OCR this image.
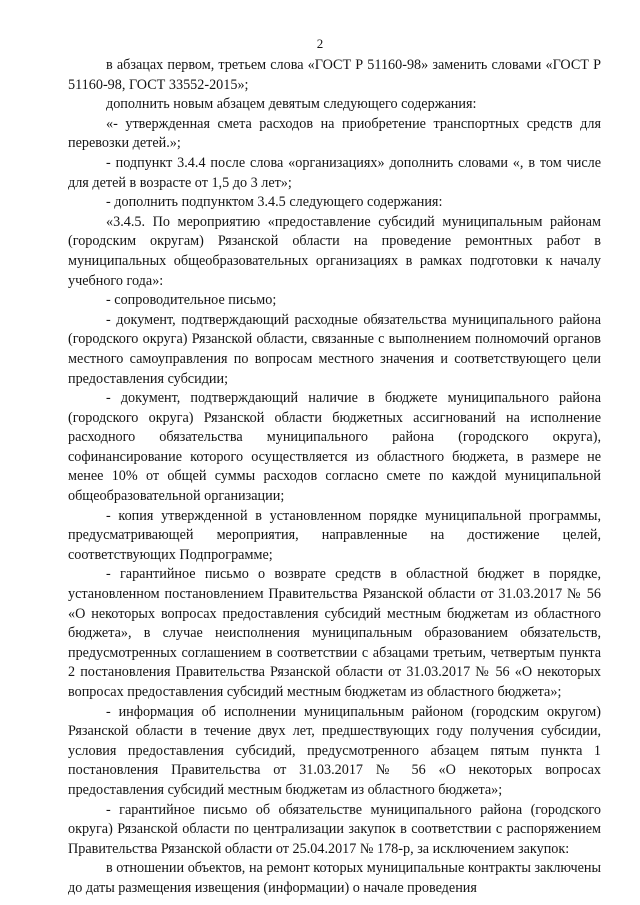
2

в абзацах первом, третьем слова «ГОСТ Р 51160-98» заменить словами «ГОСТ Р 51160-98, ГОСТ 33552-2015»;

дополнить новым абзацем девятым следующего содержания:

«- утвержденная смета расходов на приобретение транспортных средств для перевозки детей.»;

- подпункт 3.4.4 после слова «организациях» дополнить словами «, в том числе для детей в возрасте от 1,5 до 3 лет»;

- дополнить подпунктом 3.4.5 следующего содержания:

«3.4.5. По мероприятию «предоставление субсидий муниципальным районам (городским округам) Рязанской области на проведение ремонтных работ в муниципальных общеобразовательных организациях в рамках подготовки к началу учебного года»:

- сопроводительное письмо;

- документ, подтверждающий расходные обязательства муниципального района (городского округа) Рязанской области, связанные с выполнением полномочий органов местного самоуправления по вопросам местного значения и соответствующего цели предоставления субсидии;

- документ, подтверждающий наличие в бюджете муниципального района (городского округа) Рязанской области бюджетных ассигнований на исполнение расходного обязательства муниципального района (городского округа), софинансирование которого осуществляется из областного бюджета, в размере не менее 10% от общей суммы расходов согласно смете по каждой муниципальной общеобразовательной организации;

- копия утвержденной в установленном порядке муниципальной программы, предусматривающей мероприятия, направленные на достижение целей, соответствующих Подпрограмме;

- гарантийное письмо о возврате средств в областной бюджет в порядке, установленном постановлением Правительства Рязанской области от 31.03.2017 № 56 «О некоторых вопросах предоставления субсидий местным бюджетам из областного бюджета», в случае неисполнения муниципальным образованием обязательств, предусмотренных соглашением в соответствии с абзацами третьим, четвертым пункта 2 постановления Правительства Рязанской области от 31.03.2017 № 56 «О некоторых вопросах предоставления субсидий местным бюджетам из областного бюджета»;

- информация об исполнении муниципальным районом (городским округом) Рязанской области в течение двух лет, предшествующих году получения субсидии, условия предоставления субсидий, предусмотренного абзацем пятым пункта 1 постановления Правительства от 31.03.2017 № 56 «О некоторых вопросах предоставления субсидий местным бюджетам из областного бюджета»;

- гарантийное письмо об обязательстве муниципального района (городского округа) Рязанской области по централизации закупок в соответствии с распоряжением Правительства Рязанской области от 25.04.2017 № 178-р, за исключением закупок:

в отношении объектов, на ремонт которых муниципальные контракты заключены до даты размещения извещения (информации) о начале проведения
